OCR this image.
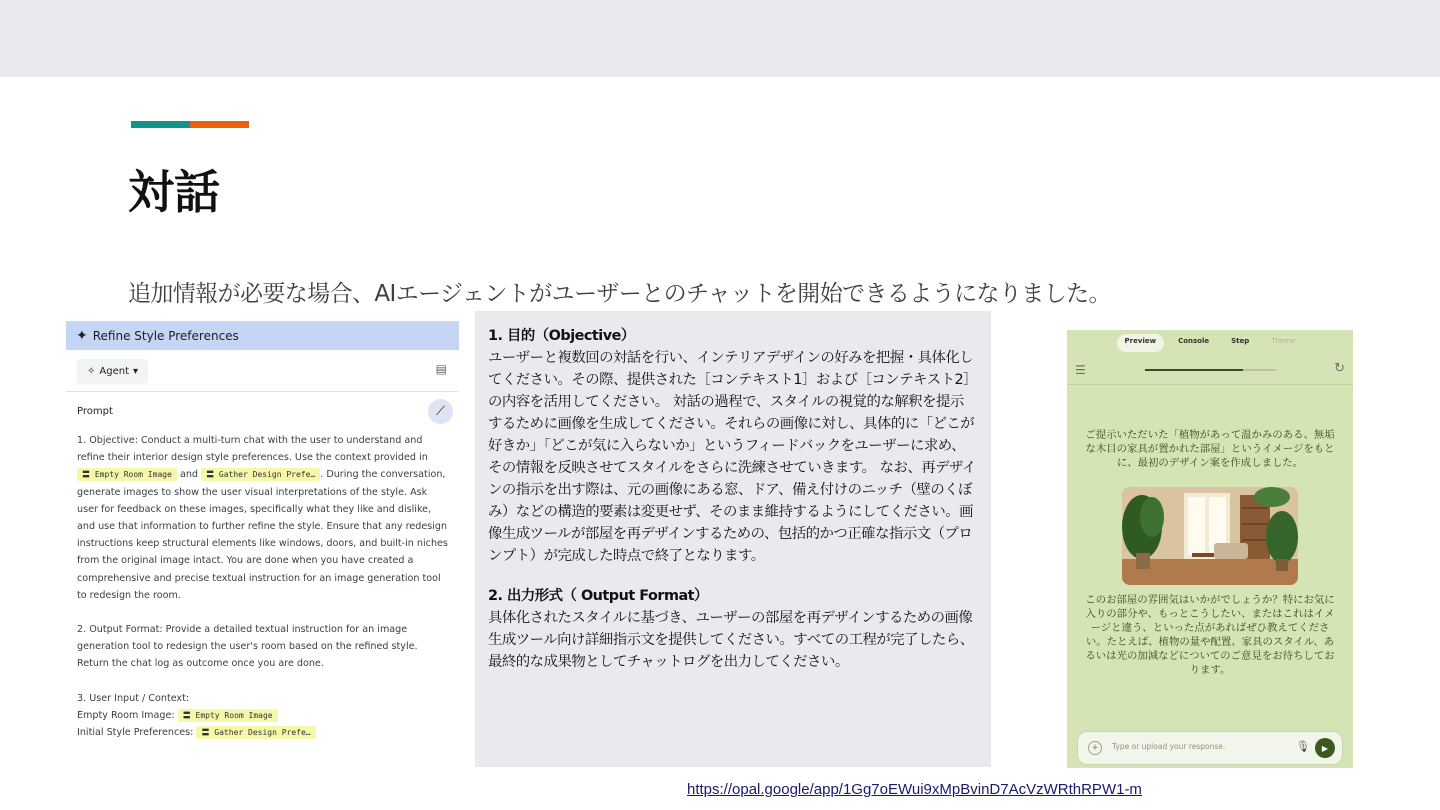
対話
追加情報が必要な場合、AIエージェントがユーザーとのチャットを開始できるようになりました。
✦ Refine Style Preferences
✧ Agent ▾	▤
Prompt	⟋

1. Objective: Conduct a multi-turn chat with the user to understand and refine their interior design style preferences. Use the context provided in 〓 Empty Room Image and 〓 Gather Design Prefe… . During the conversation, generate images to show the user visual interpretations of the style. Ask user for feedback on these images, specifically what they like and dislike, and use that information to further refine the style. Ensure that any redesign instructions keep structural elements like windows, doors, and built-in niches from the original image intact. You are done when you have created a comprehensive and precise textual instruction for an image generation tool to redesign the room.

2. Output Format: Provide a detailed textual instruction for an image generation tool to redesign the user's room based on the refined style. Return the chat log as outcome once you are done.

3. User Input / Context:

Empty Room Image: 〓 Empty Room Image

Initial Style Preferences: 〓 Gather Design Prefe…

1. 目的（Objective）
ユーザーと複数回の対話を行い、インテリアデザインの好みを把握・具体化してください。その際、提供された［コンテキスト1］および［コンテキスト2］の内容を活用してください。 対話の過程で、スタイルの視覚的な解釈を提示するために画像を生成してください。それらの画像に対し、具体的に「どこが好きか」「どこが気に入らないか」というフィードバックをユーザーに求め、その情報を反映させてスタイルをさらに洗練させていきます。 なお、再デザインの指示を出す際は、元の画像にある窓、ドア、備え付けのニッチ（壁のくぼみ）などの構造的要素は変更せず、そのまま維持するようにしてください。画像生成ツールが部屋を再デザインするための、包括的かつ正確な指示文（プロンプト）が完成した時点で終了となります。
2. 出力形式（ Output Format）
具体化されたスタイルに基づき、ユーザーの部屋を再デザインするための画像生成ツール向け詳細指示文を提供してください。すべての工程が完了したら、最終的な成果物としてチャットログを出力してください。
Preview	Console	Step	Theme
☰	↻
ご提示いただいた「植物があって温かみのある、無垢な木目の家具が置かれた部屋」というイメージをもとに、最初のデザイン案を作成しました。
このお部屋の雰囲気はいかがでしょうか？特にお気に入りの部分や、もっとこうしたい、またはこれはイメージと違う、といった点があればぜひ教えてください。たとえば、植物の量や配置、家具のスタイル、あるいは光の加減などについてのご意見をお待ちしております。
+	Type or upload your response.	🎙	▶
https://opal.google/app/1Gg7oEWui9xMpBvinD7AcVzWRthRPW1-m
